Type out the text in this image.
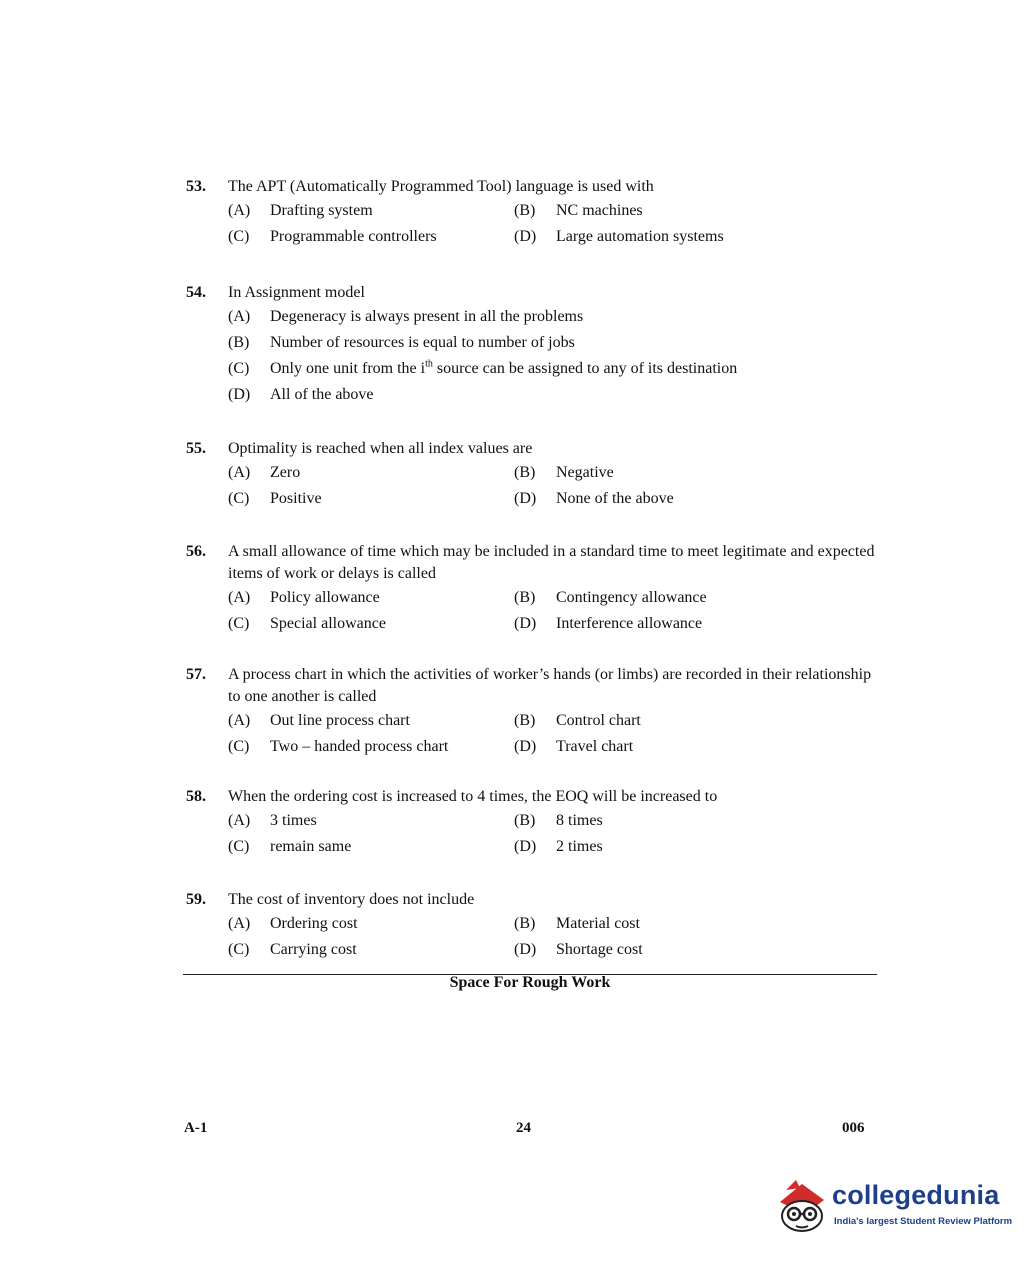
53.	The APT (Automatically Programmed Tool) language is used with
(A)	Drafting system	(B)	NC machines
(C)	Programmable controllers	(D)	Large automation systems
54.	In Assignment model
(A)	Degeneracy is always present in all the problems
(B)	Number of resources is equal to number of jobs
(C)	Only one unit from the $i^{th}$ source can be assigned to any of its destination
(D)	All of the above
55.	Optimality is reached when all index values are
(A)	Zero	(B)	Negative
(C)	Positive	(D)	None of the above
56.	A small allowance of time which may be included in a standard time to meet legitimate and expected items of work or delays is called
(A)	Policy allowance	(B)	Contingency allowance
(C)	Special allowance	(D)	Interference allowance
57.	A process chart in which the activities of worker’s hands (or limbs) are recorded in their relationship to one another is called
(A)	Out line process chart	(B)	Control chart
(C)	Two – handed process chart	(D)	Travel chart
58.	When the ordering cost is increased to 4 times, the EOQ will be increased to
(A)	3 times	(B)	8 times
(C)	remain same	(D)	2 times
59.	The cost of inventory does not include
(A)	Ordering cost	(B)	Material cost
(C)	Carrying cost	(D)	Shortage cost
Space For Rough Work
A-1	24	006
collegedunia
India's largest Student Review Platform
